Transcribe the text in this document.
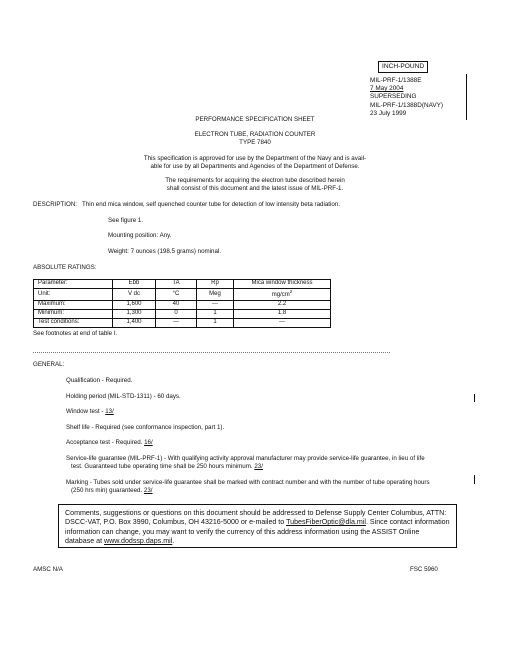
INCH-POUND
MIL-PRF-1/1388E
7 May 2004
SUPERSEDING
MIL-PRF-1/1388D(NAVY)
23 July 1999
PERFORMANCE SPECIFICATION SHEET
ELECTRON TUBE, RADIATION COUNTER
TYPE 7840
This specification is approved for use by the Department of the Navy and is avail-
able for use by all Departments and Agencies of the Department of Defense.
The requirements for acquiring the electron tube described herein
shall consist of this document and the latest issue of MIL-PRF-1.
DESCRIPTION: Thin end mica window, self quenched counter tube for detection of low intensity beta radiation.
See figure 1.
Mounting position: Any.
Weight: 7 ounces (198.5 grams) nominal.
ABSOLUTE RATINGS:
Parameter:	Ebb	TA	Rp	Mica window thickness
Unit:	V dc	°C	Meg	$mg/cm^2$
Maximum:	1,600	40	---	2.2
Minimum:	1,300	0	1	1.8
Test conditions:	1,400	---	1	---
See footnotes at end of table I.
GENERAL:
Qualification - Required.
Holding period (MIL-STD-1311) - 60 days.
Window test - 13/
Shelf life - Required (see conformance inspection, part 1).
Acceptance test - Required. 16/

Service-life guarantee (MIL-PRF-1) - With qualifying activity approval manufacturer may provide service-life guarantee, in lieu of life

test. Guaranteed tube operating time shall be 250 hours minimum. 23/

Marking - Tubes sold under service-life guarantee shall be marked with contract number and with the number of tube operating hours

(250 hrs min) guaranteed. 23/

Comments, suggestions or questions on this document should be addressed to Defense Supply Center Columbus, ATTN: DSCC-VAT, P.O. Box 3990, Columbus, OH 43216-5000 or e-mailed to TubesFiberOptic@dla.mil. Since contact information information can change, you may want to verify the currency of this address information using the ASSIST Online database at www.dodssp.daps.mil.
AMSC N/A	FSC 5960
